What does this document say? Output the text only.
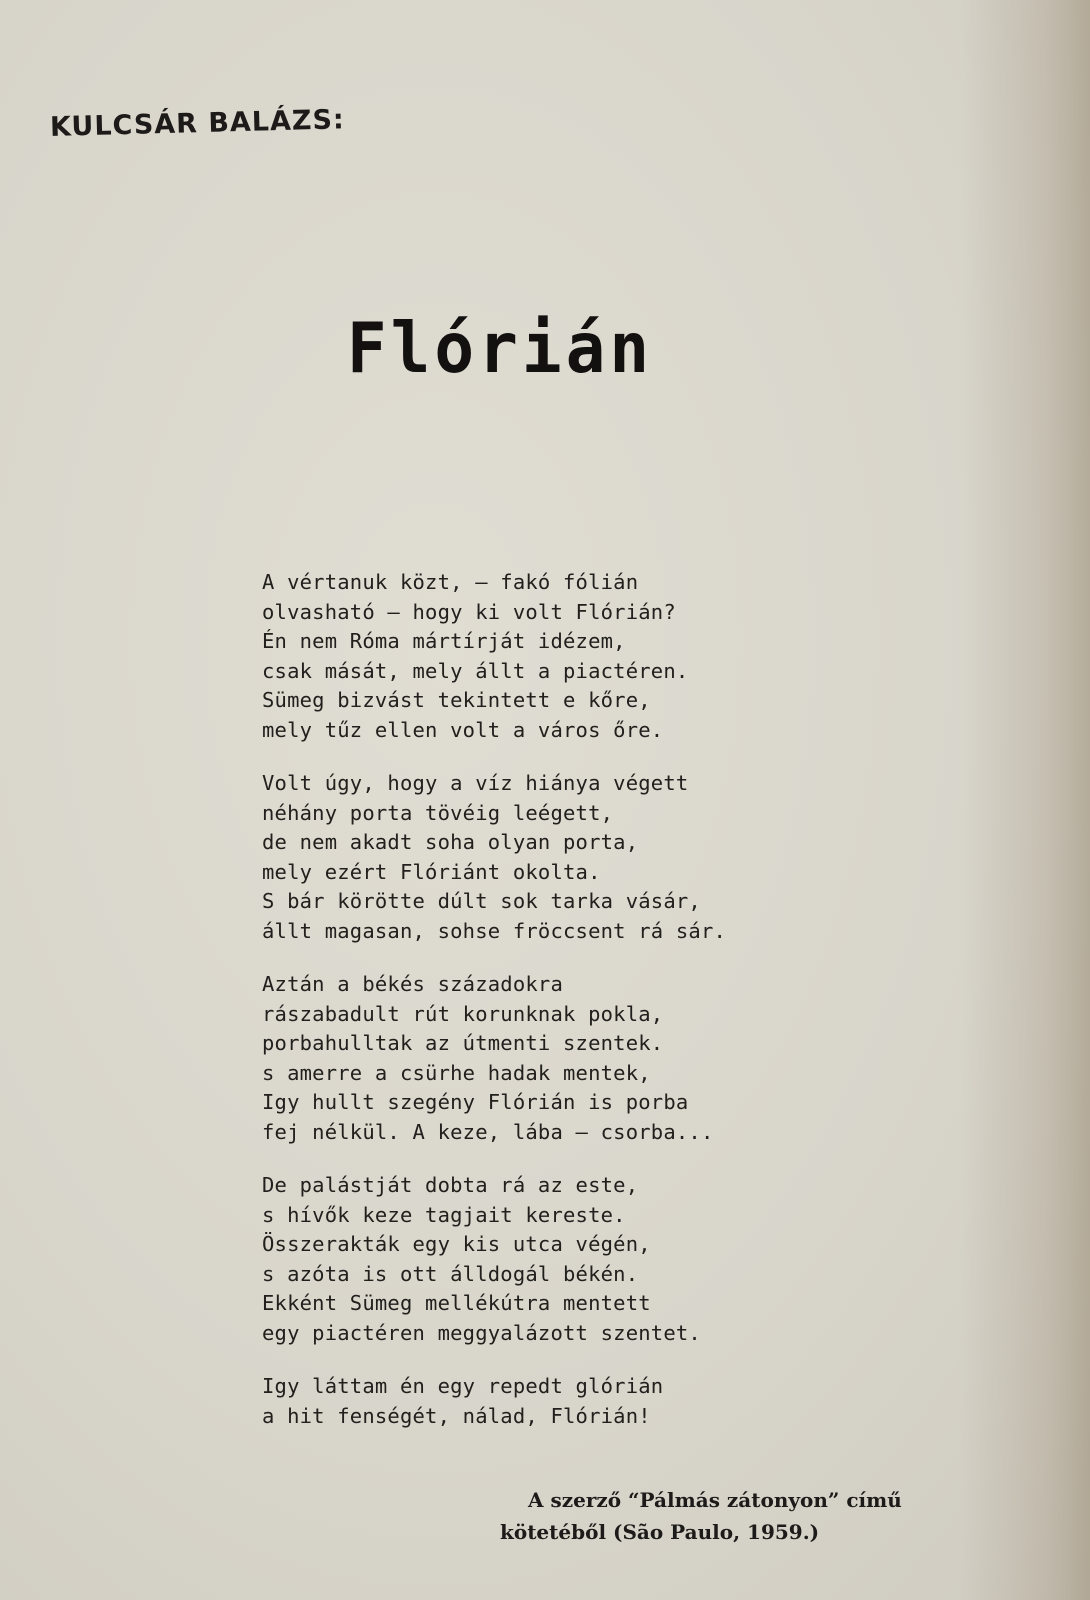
KULCSÁR BALÁZS:
Flórián
A vértanuk közt, — fakó fólián
olvasható — hogy ki volt Flórián?
Én nem Róma mártírját idézem,
csak mását, mely állt a piactéren.
Sümeg bizvást tekintett e kőre,
mely tűz ellen volt a város őre.
Volt úgy, hogy a víz hiánya végett
néhány porta tövéig leégett,
de nem akadt soha olyan porta,
mely ezért Flóriánt okolta.
S bár körötte dúlt sok tarka vásár,
állt magasan, sohse fröccsent rá sár.
Aztán a békés századokra
rászabadult rút korunknak pokla,
porbahulltak az útmenti szentek.
s amerre a csürhe hadak mentek,
Igy hullt szegény Flórián is porba
fej nélkül. A keze, lába — csorba...
De palástját dobta rá az este,
s hívők keze tagjait kereste.
Összerakták egy kis utca végén,
s azóta is ott álldogál békén.
Ekként Sümeg mellékútra mentett
egy piactéren meggyalázott szentet.
Igy láttam én egy repedt glórián
a hit fenségét, nálad, Flórián!
A szerző “Pálmás zátonyon” című
kötetéből (São Paulo, 1959.)
